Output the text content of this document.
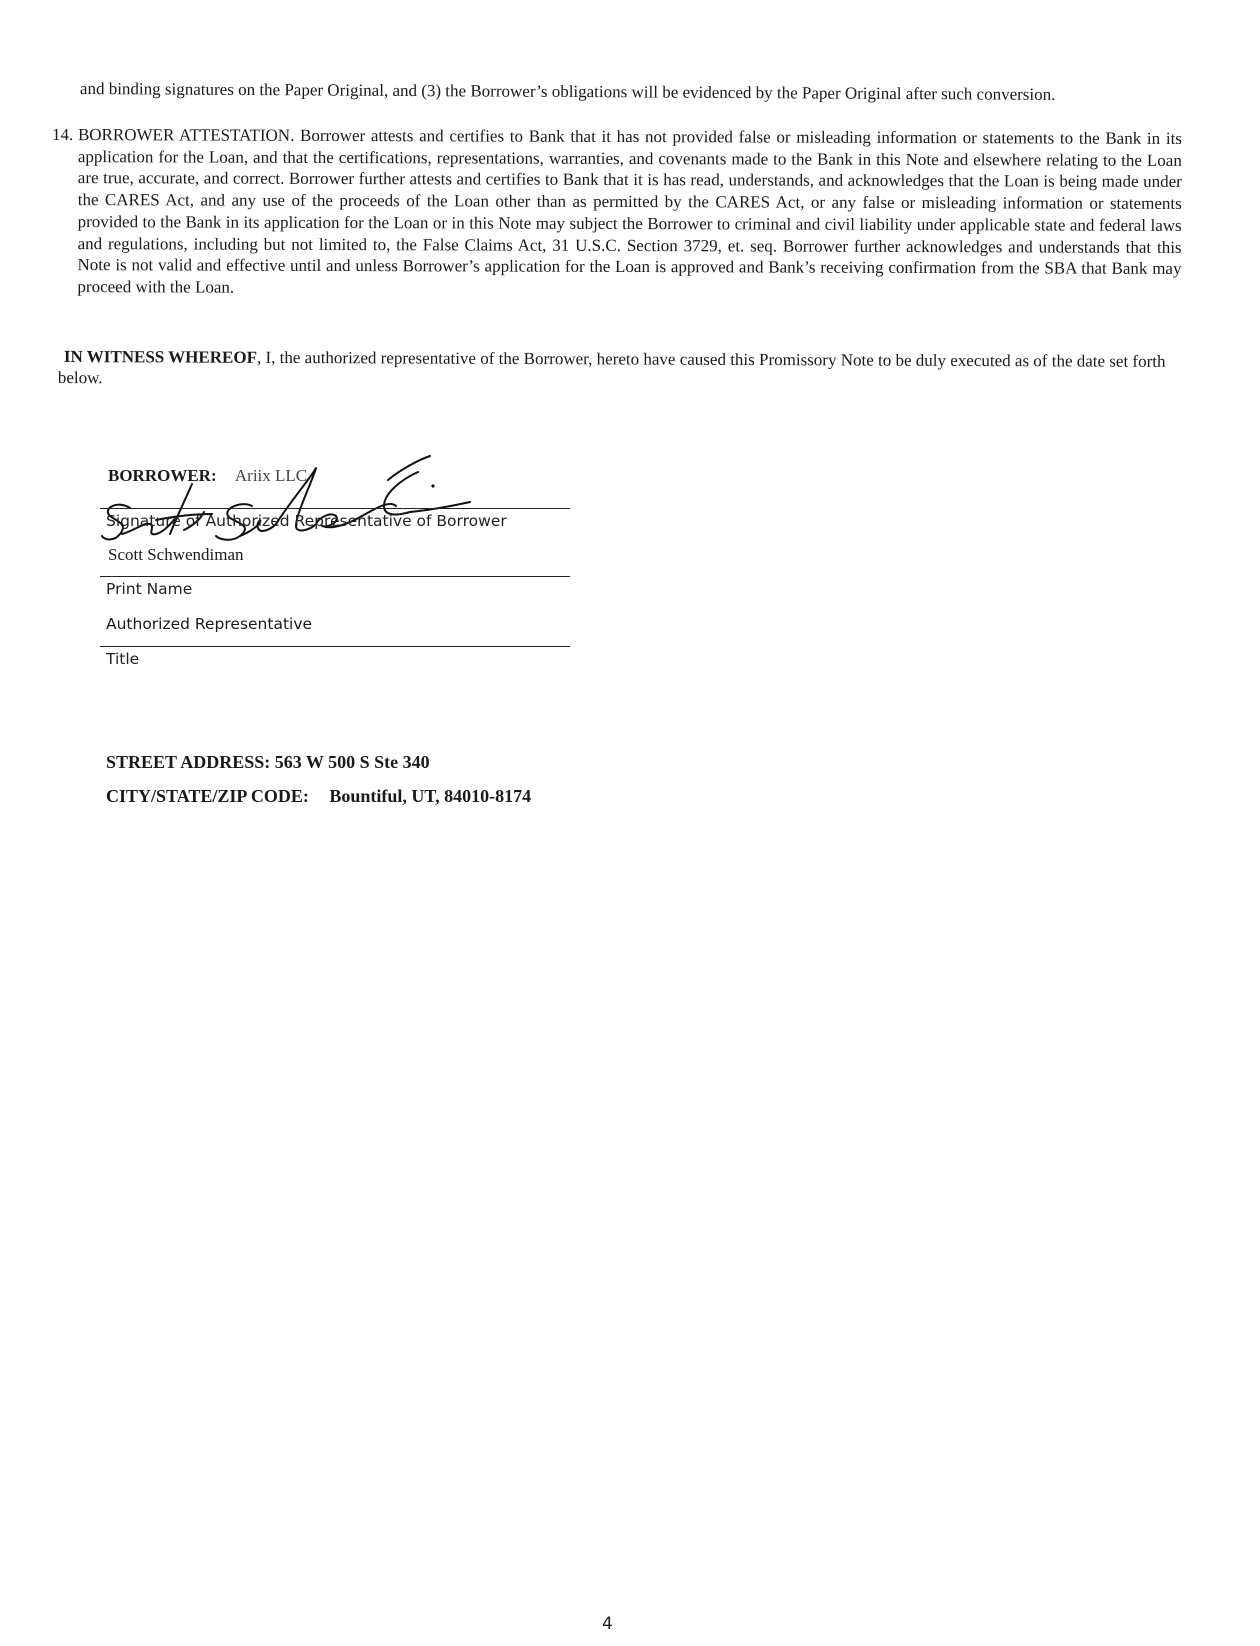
and binding signatures on the Paper Original, and (3) the Borrower’s obligations will be evidenced by the Paper Original after such conversion.
14. BORROWER ATTESTATION. Borrower attests and certifies to Bank that it has not provided false or misleading information or statements to the Bank in its application for the Loan, and that the certifications, representations, warranties, and covenants made to the Bank in this Note and elsewhere relating to the Loan are true, accurate, and correct. Borrower further attests and certifies to Bank that it is has read, understands, and acknowledges that the Loan is being made under the CARES Act, and any use of the proceeds of the Loan other than as permitted by the CARES Act, or any false or misleading information or statements provided to the Bank in its application for the Loan or in this Note may subject the Borrower to criminal and civil liability under applicable state and federal laws and regulations, including but not limited to, the False Claims Act, 31 U.S.C. Section 3729, et. seq. Borrower further acknowledges and understands that this Note is not valid and effective until and unless Borrower’s application for the Loan is approved and Bank’s receiving confirmation from the SBA that Bank may proceed with the Loan.
IN WITNESS WHEREOF, I, the authorized representative of the Borrower, hereto have caused this Promissory Note to be duly executed as of the date set forth below.
BORROWER: Ariix LLC
Signature of Authorized Representative of Borrower
Scott Schwendiman
Print Name
Authorized Representative
Title
STREET ADDRESS: 563 W 500 S Ste 340
CITY/STATE/ZIP CODE: Bountiful, UT, 84010-8174
4
